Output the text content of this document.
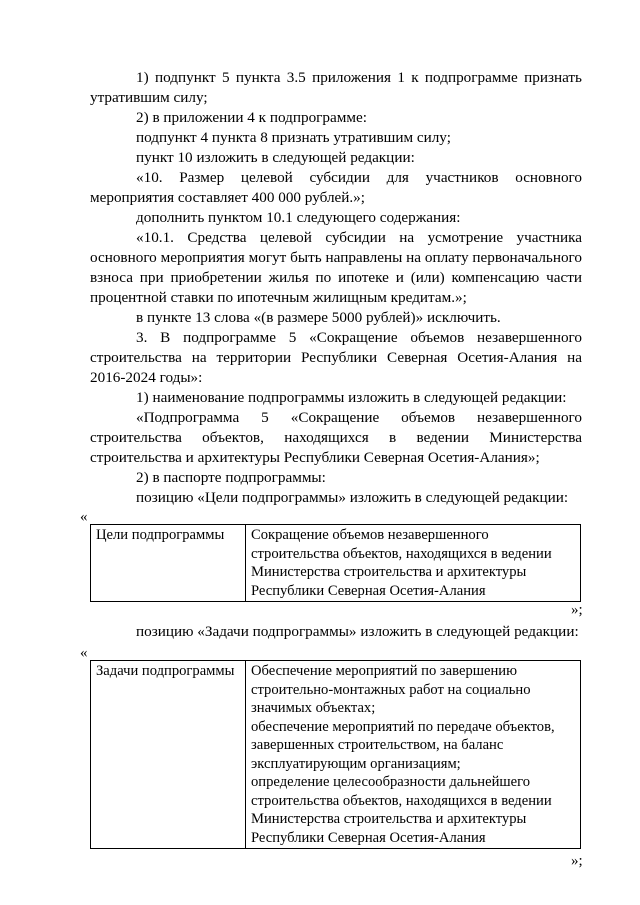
1) подпункт 5 пункта 3.5 приложения 1 к подпрограмме признать утратившим силу;

2) в приложении 4 к подпрограмме:

подпункт 4 пункта 8 признать утратившим силу;

пункт 10 изложить в следующей редакции:

«10. Размер целевой субсидии для участников основного мероприятия составляет 400 000 рублей.»;

дополнить пунктом 10.1 следующего содержания:

«10.1. Средства целевой субсидии на усмотрение участника основного мероприятия могут быть направлены на оплату первоначального взноса при приобретении жилья по ипотеке и (или) компенсацию части процентной ставки по ипотечным жилищным кредитам.»;

в пункте 13 слова «(в размере 5000 рублей)» исключить.

3. В подпрограмме 5 «Сокращение объемов незавершенного строительства на территории Республики Северная Осетия-Алания на 2016-2024 годы»:

1) наименование подпрограммы изложить в следующей редакции:

«Подпрограмма 5 «Сокращение объемов незавершенного строительства объектов, находящихся в ведении Министерства строительства и архитектуры Республики Северная Осетия-Алания»;

2) в паспорте подпрограммы:

позицию «Цели подпрограммы» изложить в следующей редакции:

«
Цели подпрограммы	Сокращение объемов незавершенного строительства объектов, находящихся в ведении Министерства строительства и архитектуры Республики Северная Осетия-Алания
»;

позицию «Задачи подпрограммы» изложить в следующей редакции:

«
Задачи подпрограммы	Обеспечение мероприятий по завершению строительно-монтажных работ на социально значимых объектах;
обеспечение мероприятий по передаче объектов, завершенных строительством, на баланс эксплуатирующим организациям;
определение целесообразности дальнейшего строительства объектов, находящихся в ведении Министерства строительства и архитектуры Республики Северная Осетия-Алания
»;
